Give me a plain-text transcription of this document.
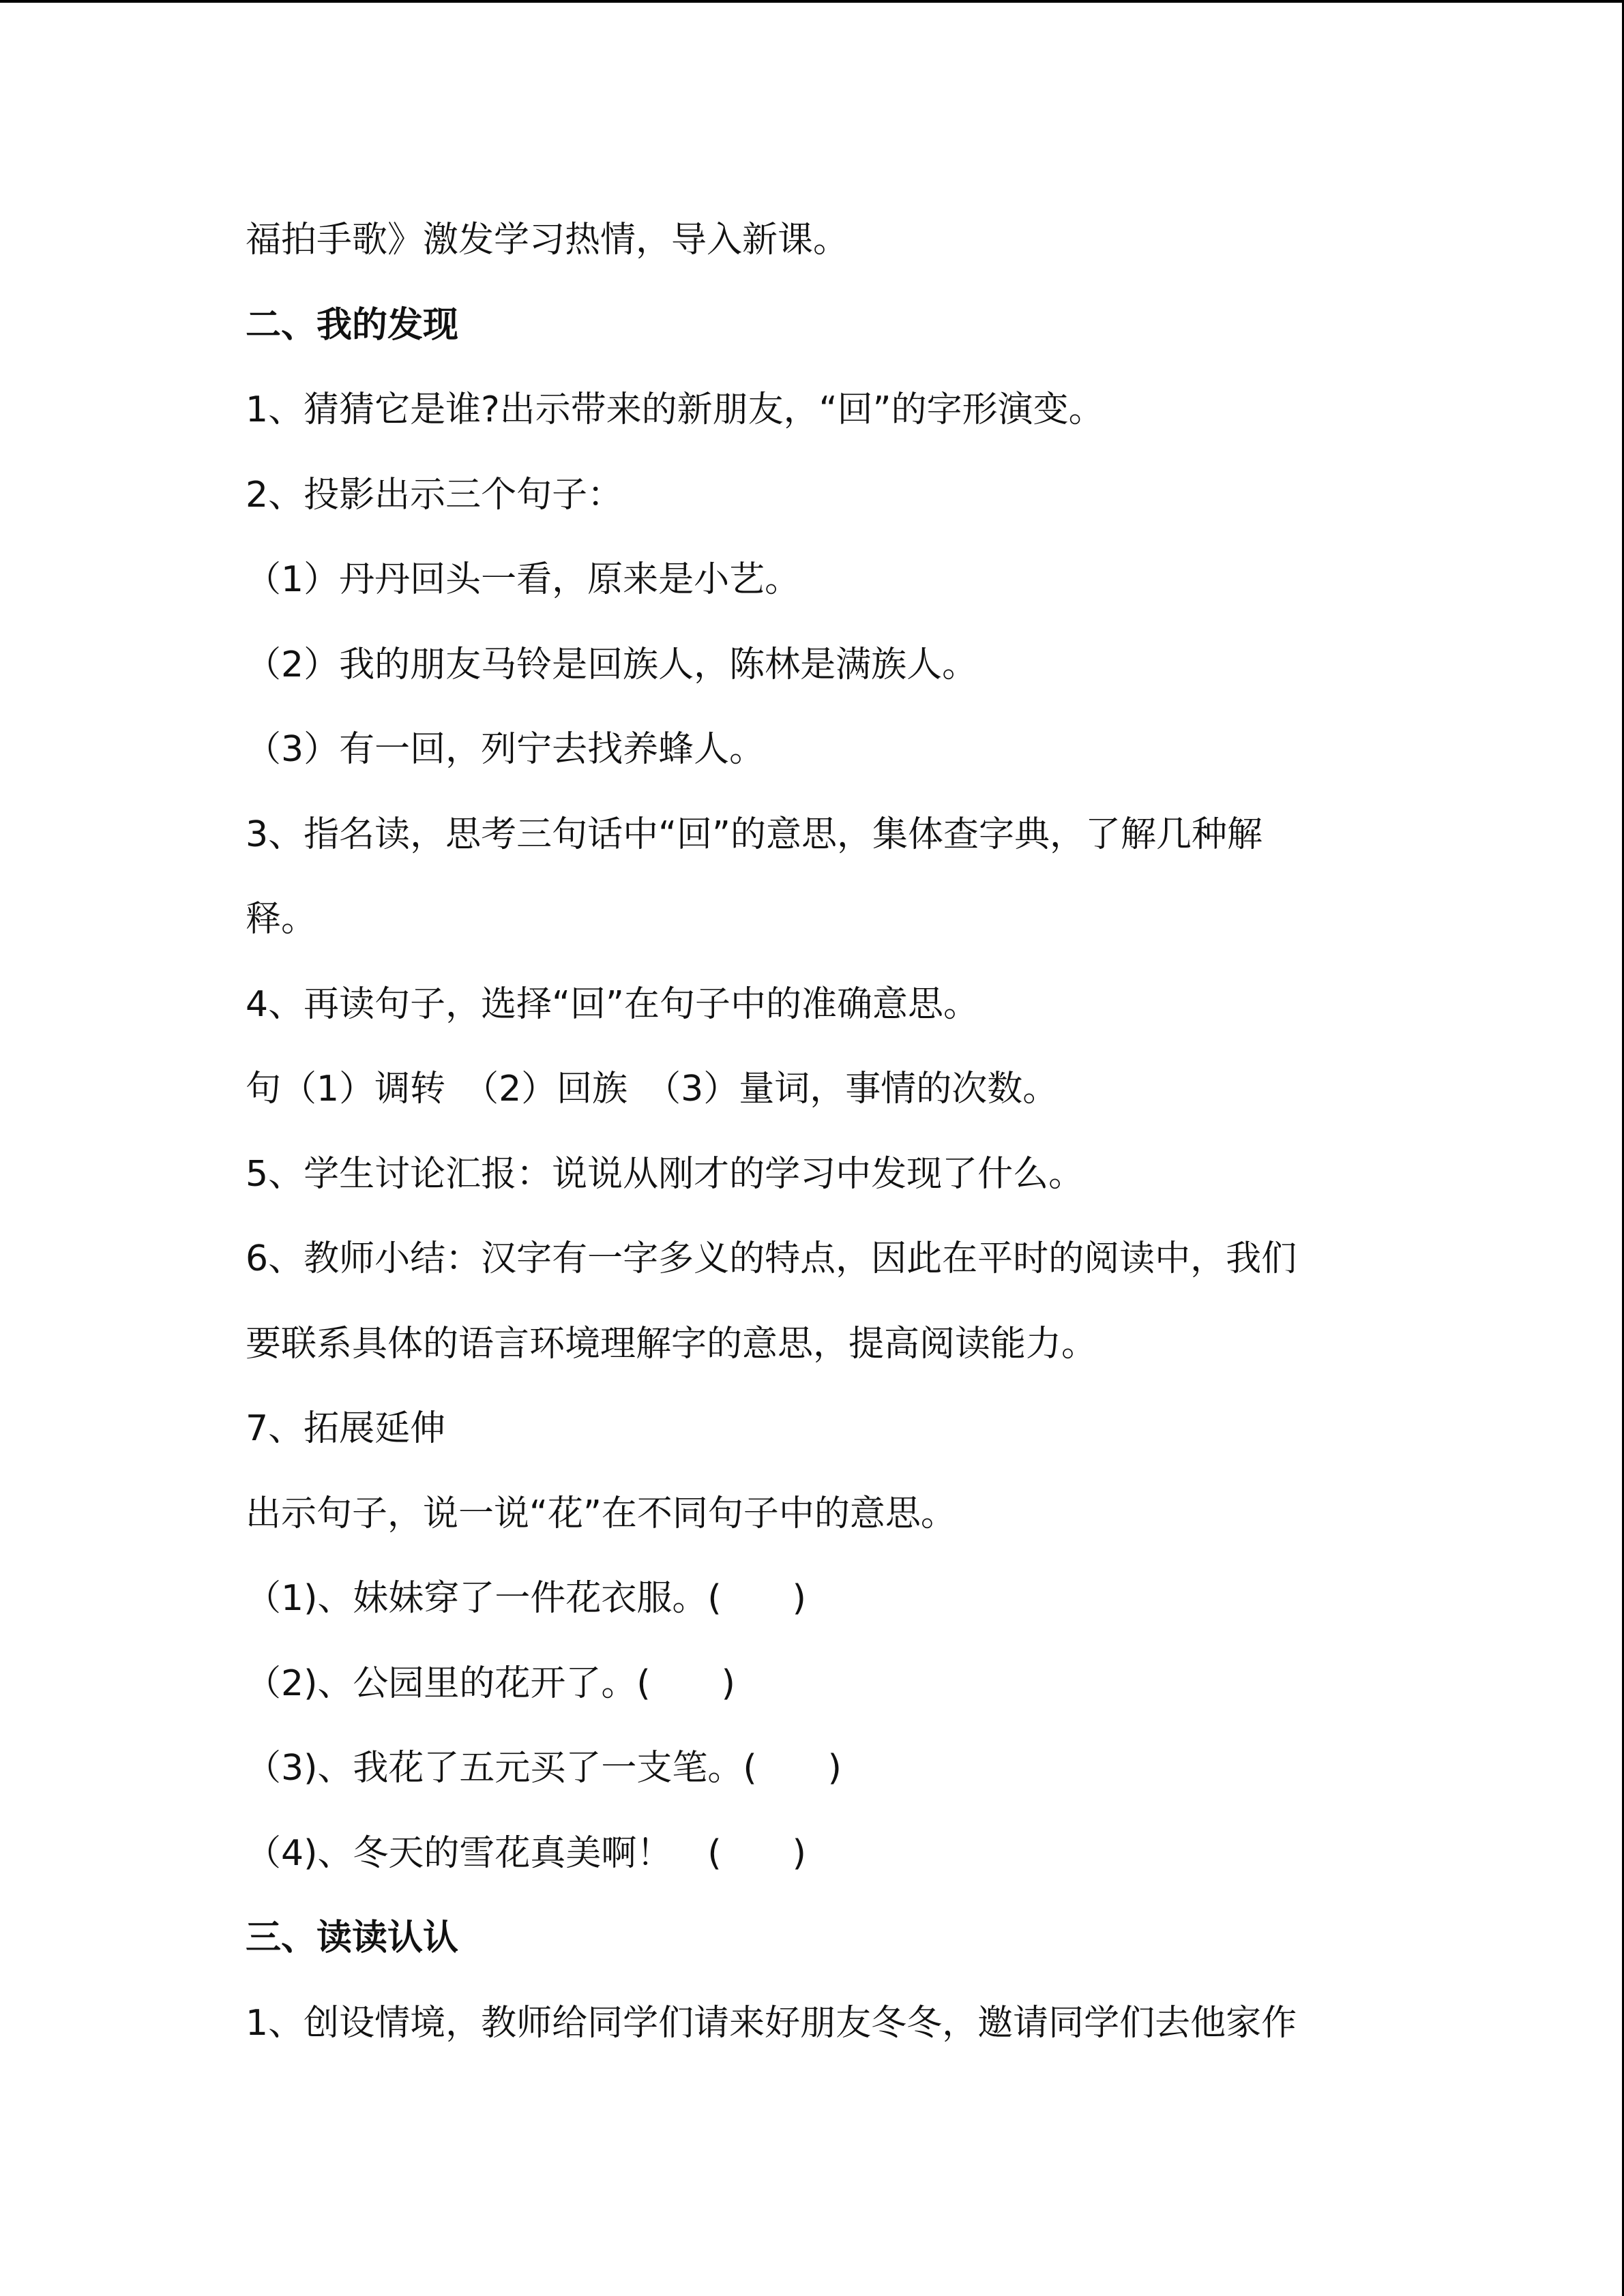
福拍手歌》激发学习热情，导入新课。

二、我的发现

1、猜猜它是谁?出示带来的新朋友，“回”的字形演变。

2、投影出示三个句子：

（1）丹丹回头一看，原来是小艺。

（2）我的朋友马铃是回族人，陈林是满族人。

（3）有一回，列宁去找养蜂人。

3、指名读，思考三句话中“回”的意思，集体查字典，了解几种解

释。

4、再读句子，选择“回”在句子中的准确意思。

句（1）调转　（2）回族　（3）量词，事情的次数。

5、学生讨论汇报：说说从刚才的学习中发现了什么。

6、教师小结：汉字有一字多义的特点，因此在平时的阅读中，我们

要联系具体的语言环境理解字的意思，提高阅读能力。

7、拓展延伸

出示句子，说一说“花”在不同句子中的意思。

（1)、妹妹穿了一件花衣服。(　　)

（2)、公园里的花开了。(　　)

（3)、我花了五元买了一支笔。(　　)

（4)、冬天的雪花真美啊！　(　　)

三、读读认认

1、创设情境，教师给同学们请来好朋友冬冬，邀请同学们去他家作
